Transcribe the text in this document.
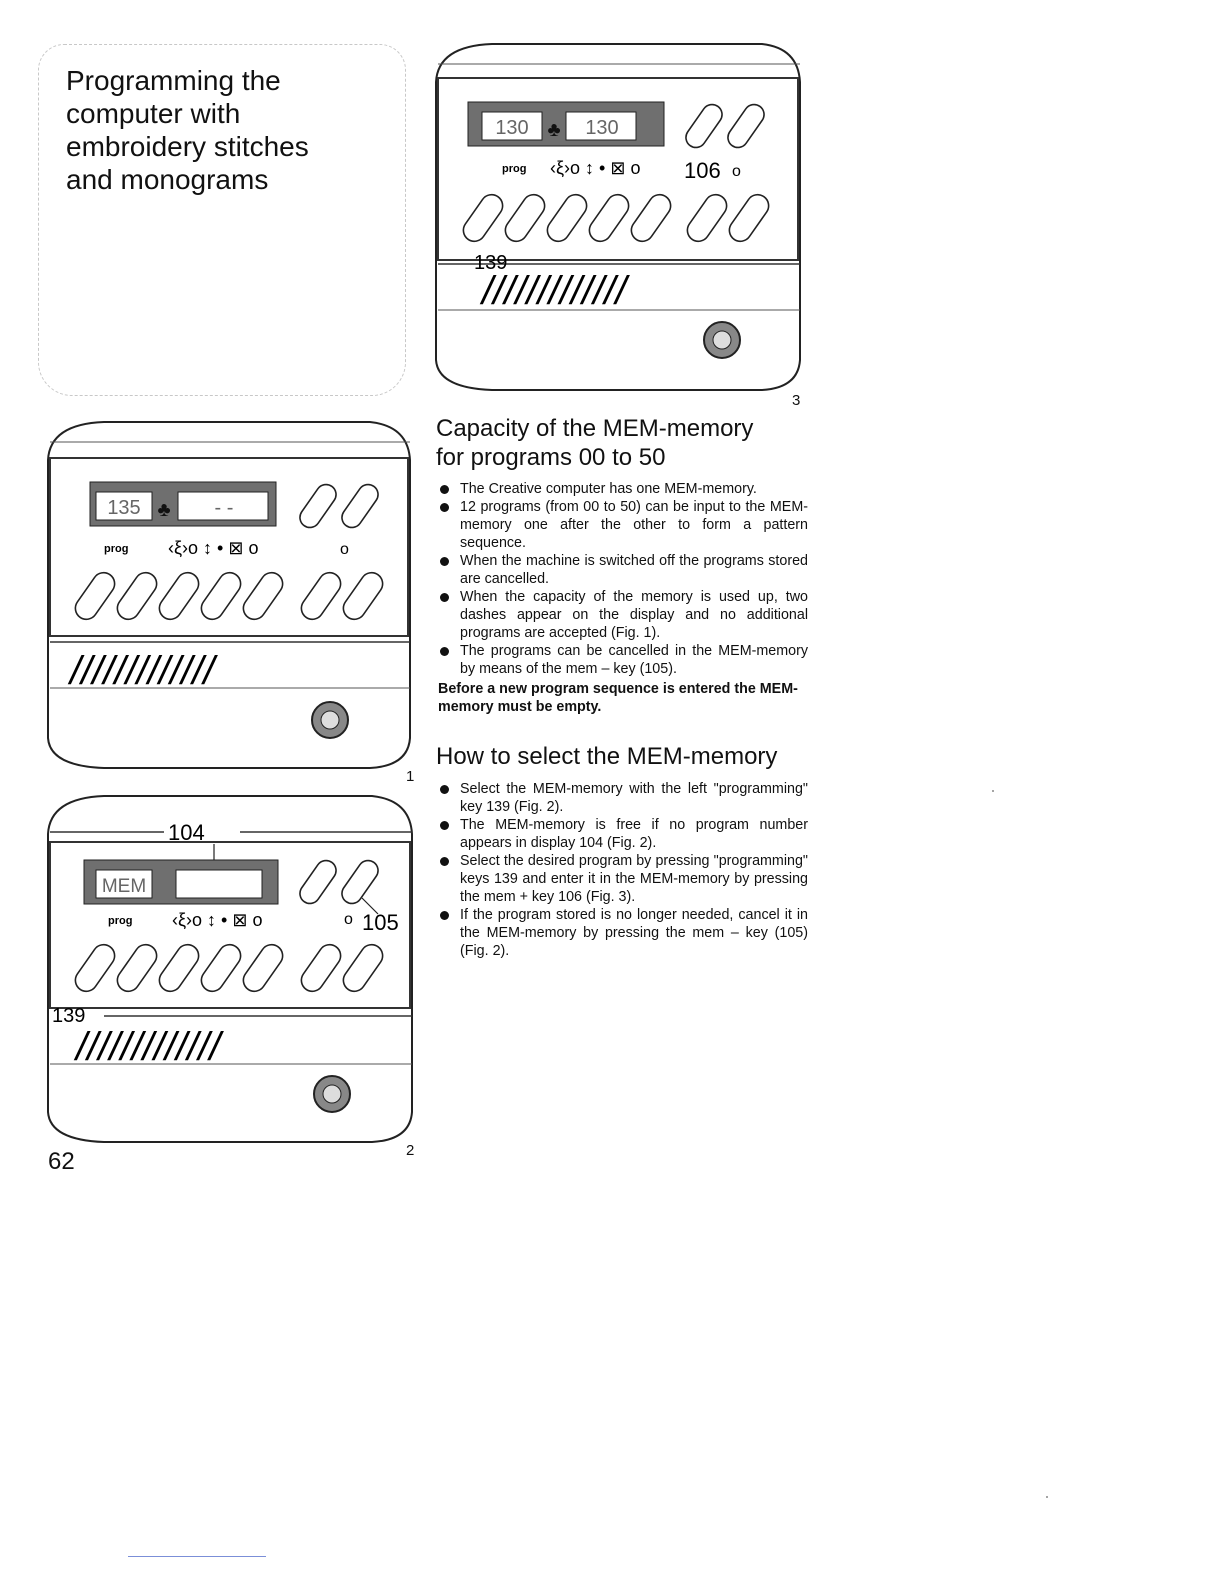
Programming the
computer with
embroidery stitches
and monograms
130	130
♣
prog ‹ξ›o ↕ • ⊠ o 106 o
139
/////////////
3
135	- -
♣
prog ‹ξ›o ↕ • ⊠ o	o
/////////////
1
104
MEM
prog ‹ξ›o ↕ • ⊠ o	o 105
139
/////////////
2
Capacity of the MEM-memory
for programs 00 to 50
The Creative computer has one MEM-memory.
12 programs (from 00 to 50) can be input to the MEM-memory one after the other to form a pattern sequence.
When the machine is switched off the programs stored are cancelled.
When the capacity of the memory is used up, two dashes appear on the display and no additional programs are accepted (Fig. 1).
The programs can be cancelled in the MEM-memory by means of the mem – key (105).
Before a new program sequence is entered the MEM-memory must be empty.
How to select the MEM-memory
Select the MEM-memory with the left "programming" key 139 (Fig. 2).
The MEM-memory is free if no program number appears in display 104 (Fig. 2).
Select the desired program by pressing "programming" keys 139 and enter it in the MEM-memory by pressing the mem + key 106 (Fig. 3).
If the program stored is no longer needed, cancel it in the MEM-memory by pressing the mem – key (105) (Fig. 2).
62
